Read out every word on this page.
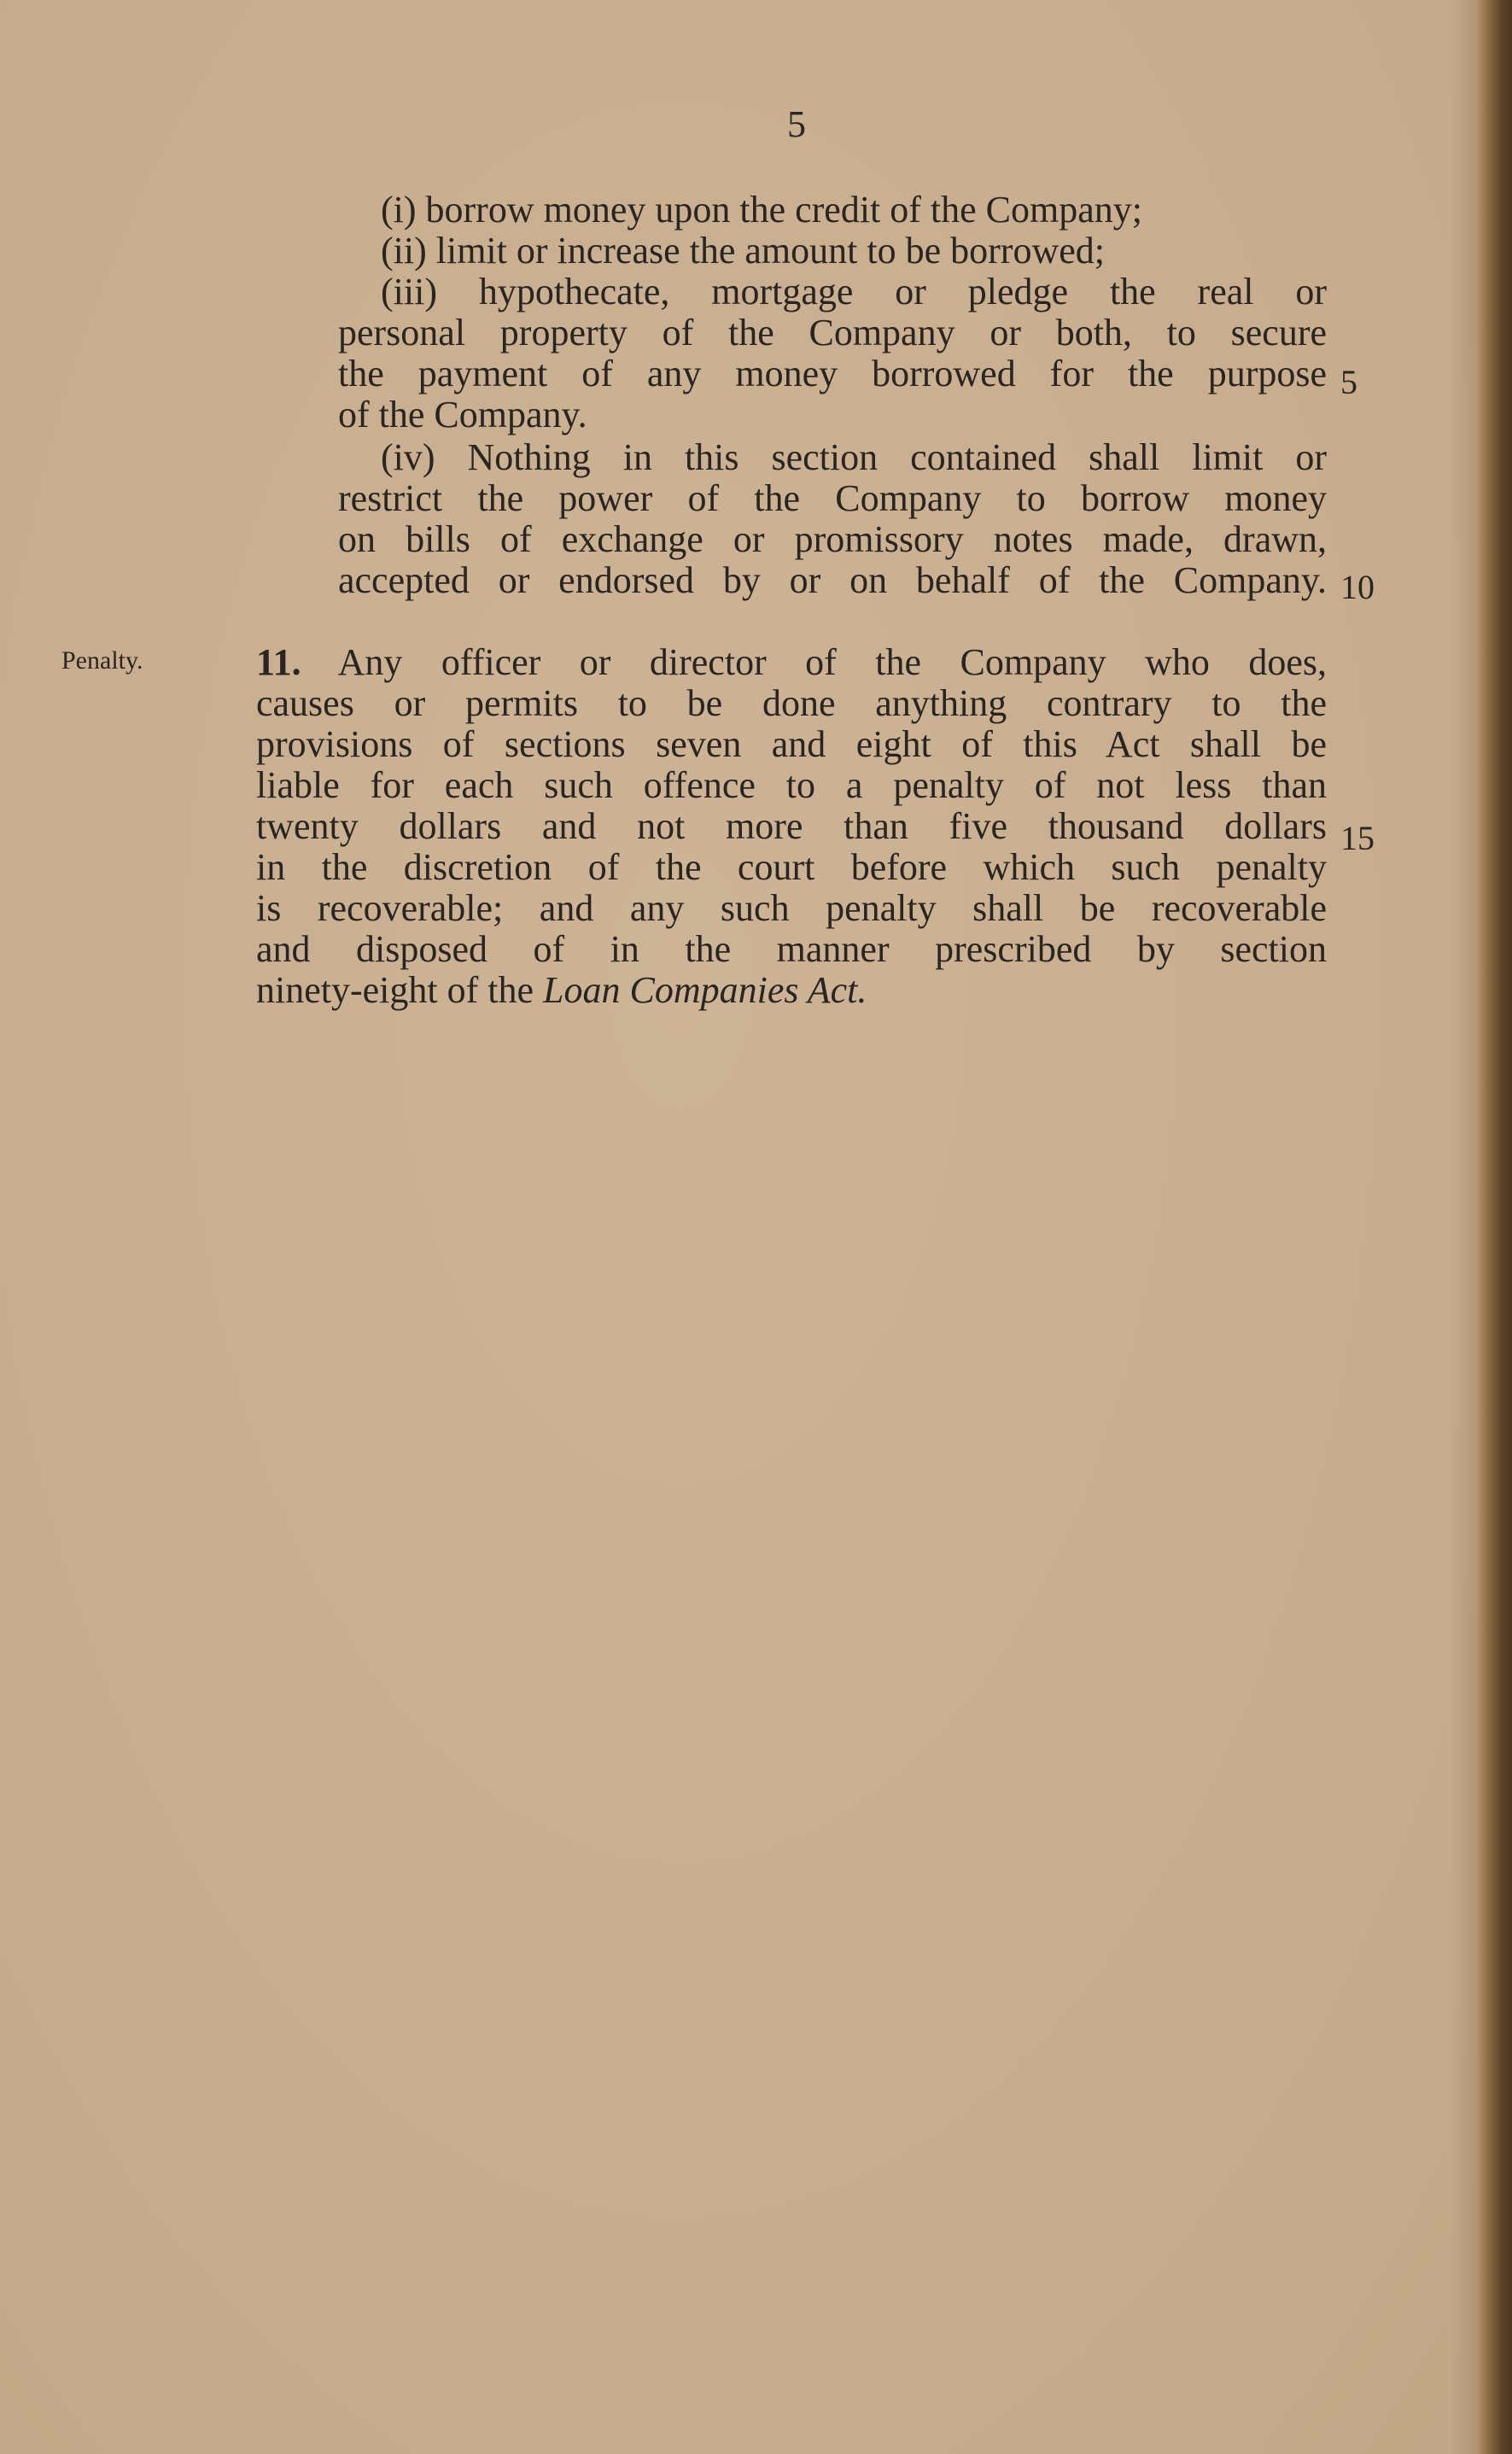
5
(i) borrow money upon the credit of the Company;
(ii) limit or increase the amount to be borrowed;
(iii) hypothecate, mortgage or pledge the real or
personal property of the Company or both, to secure
the payment of any money borrowed for the purpose
of the Company.
(iv) Nothing in this section contained shall limit or
restrict the power of the Company to borrow money
on bills of exchange or promissory notes made, drawn,
accepted or endorsed by or on behalf of the Company.
Penalty.	11. Any officer or director of the Company who does,
causes or permits to be done anything contrary to the
provisions of sections seven and eight of this Act shall be
liable for each such offence to a penalty of not less than
twenty dollars and not more than five thousand dollars
in the discretion of the court before which such penalty
is recoverable; and any such penalty shall be recoverable
and disposed of in the manner prescribed by section
ninety-eight of the Loan Companies Act.
5
10
15
